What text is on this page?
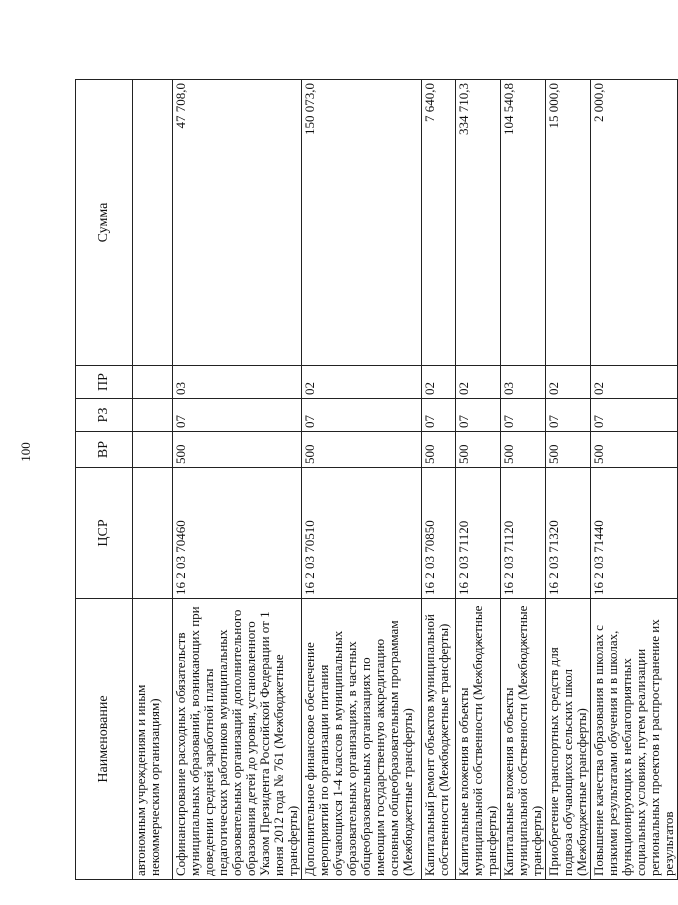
100
Наименование	ЦСР	ВР	РЗ	ПР	Сумма
автономным учреждениям и иным некоммерческим организациям)					
Софинансирование расходных обязательств муниципальных образований, возникающих при доведении средней заработной платы педагогических работников муниципальных образовательных организаций дополнительного образования детей до уровня, установленного Указом Президента Российской Федерации от 1 июня 2012 года № 761 (Межбюджетные трансферты)	16 2 03 70460	500	07	03	47 708,0
Дополнительное финансовое обеспечение мероприятий по организации питания обучающихся 1-4 классов в муниципальных образовательных организациях, в частных общеобразовательных организациях по имеющим государственную аккредитацию основным общеобразовательным программам (Межбюджетные трансферты)	16 2 03 70510	500	07	02	150 073,0
Капитальный ремонт объектов муниципальной собственности (Межбюджетные трансферты)	16 2 03 70850	500	07	02	7 640,0
Капитальные вложения в объекты муниципальной собственности (Межбюджетные трансферты)	16 2 03 71120	500	07	02	334 710,3
Капитальные вложения в объекты муниципальной собственности (Межбюджетные трансферты)	16 2 03 71120	500	07	03	104 540,8
Приобретение транспортных средств для подвоза обучающихся сельских школ (Межбюджетные трансферты)	16 2 03 71320	500	07	02	15 000,0
Повышение качества образования в школах с низкими результатами обучения и в школах, функционирующих в неблагоприятных социальных условиях, путем реализации региональных проектов и распространение их результатов	16 2 03 71440	500	07	02	2 000,0
